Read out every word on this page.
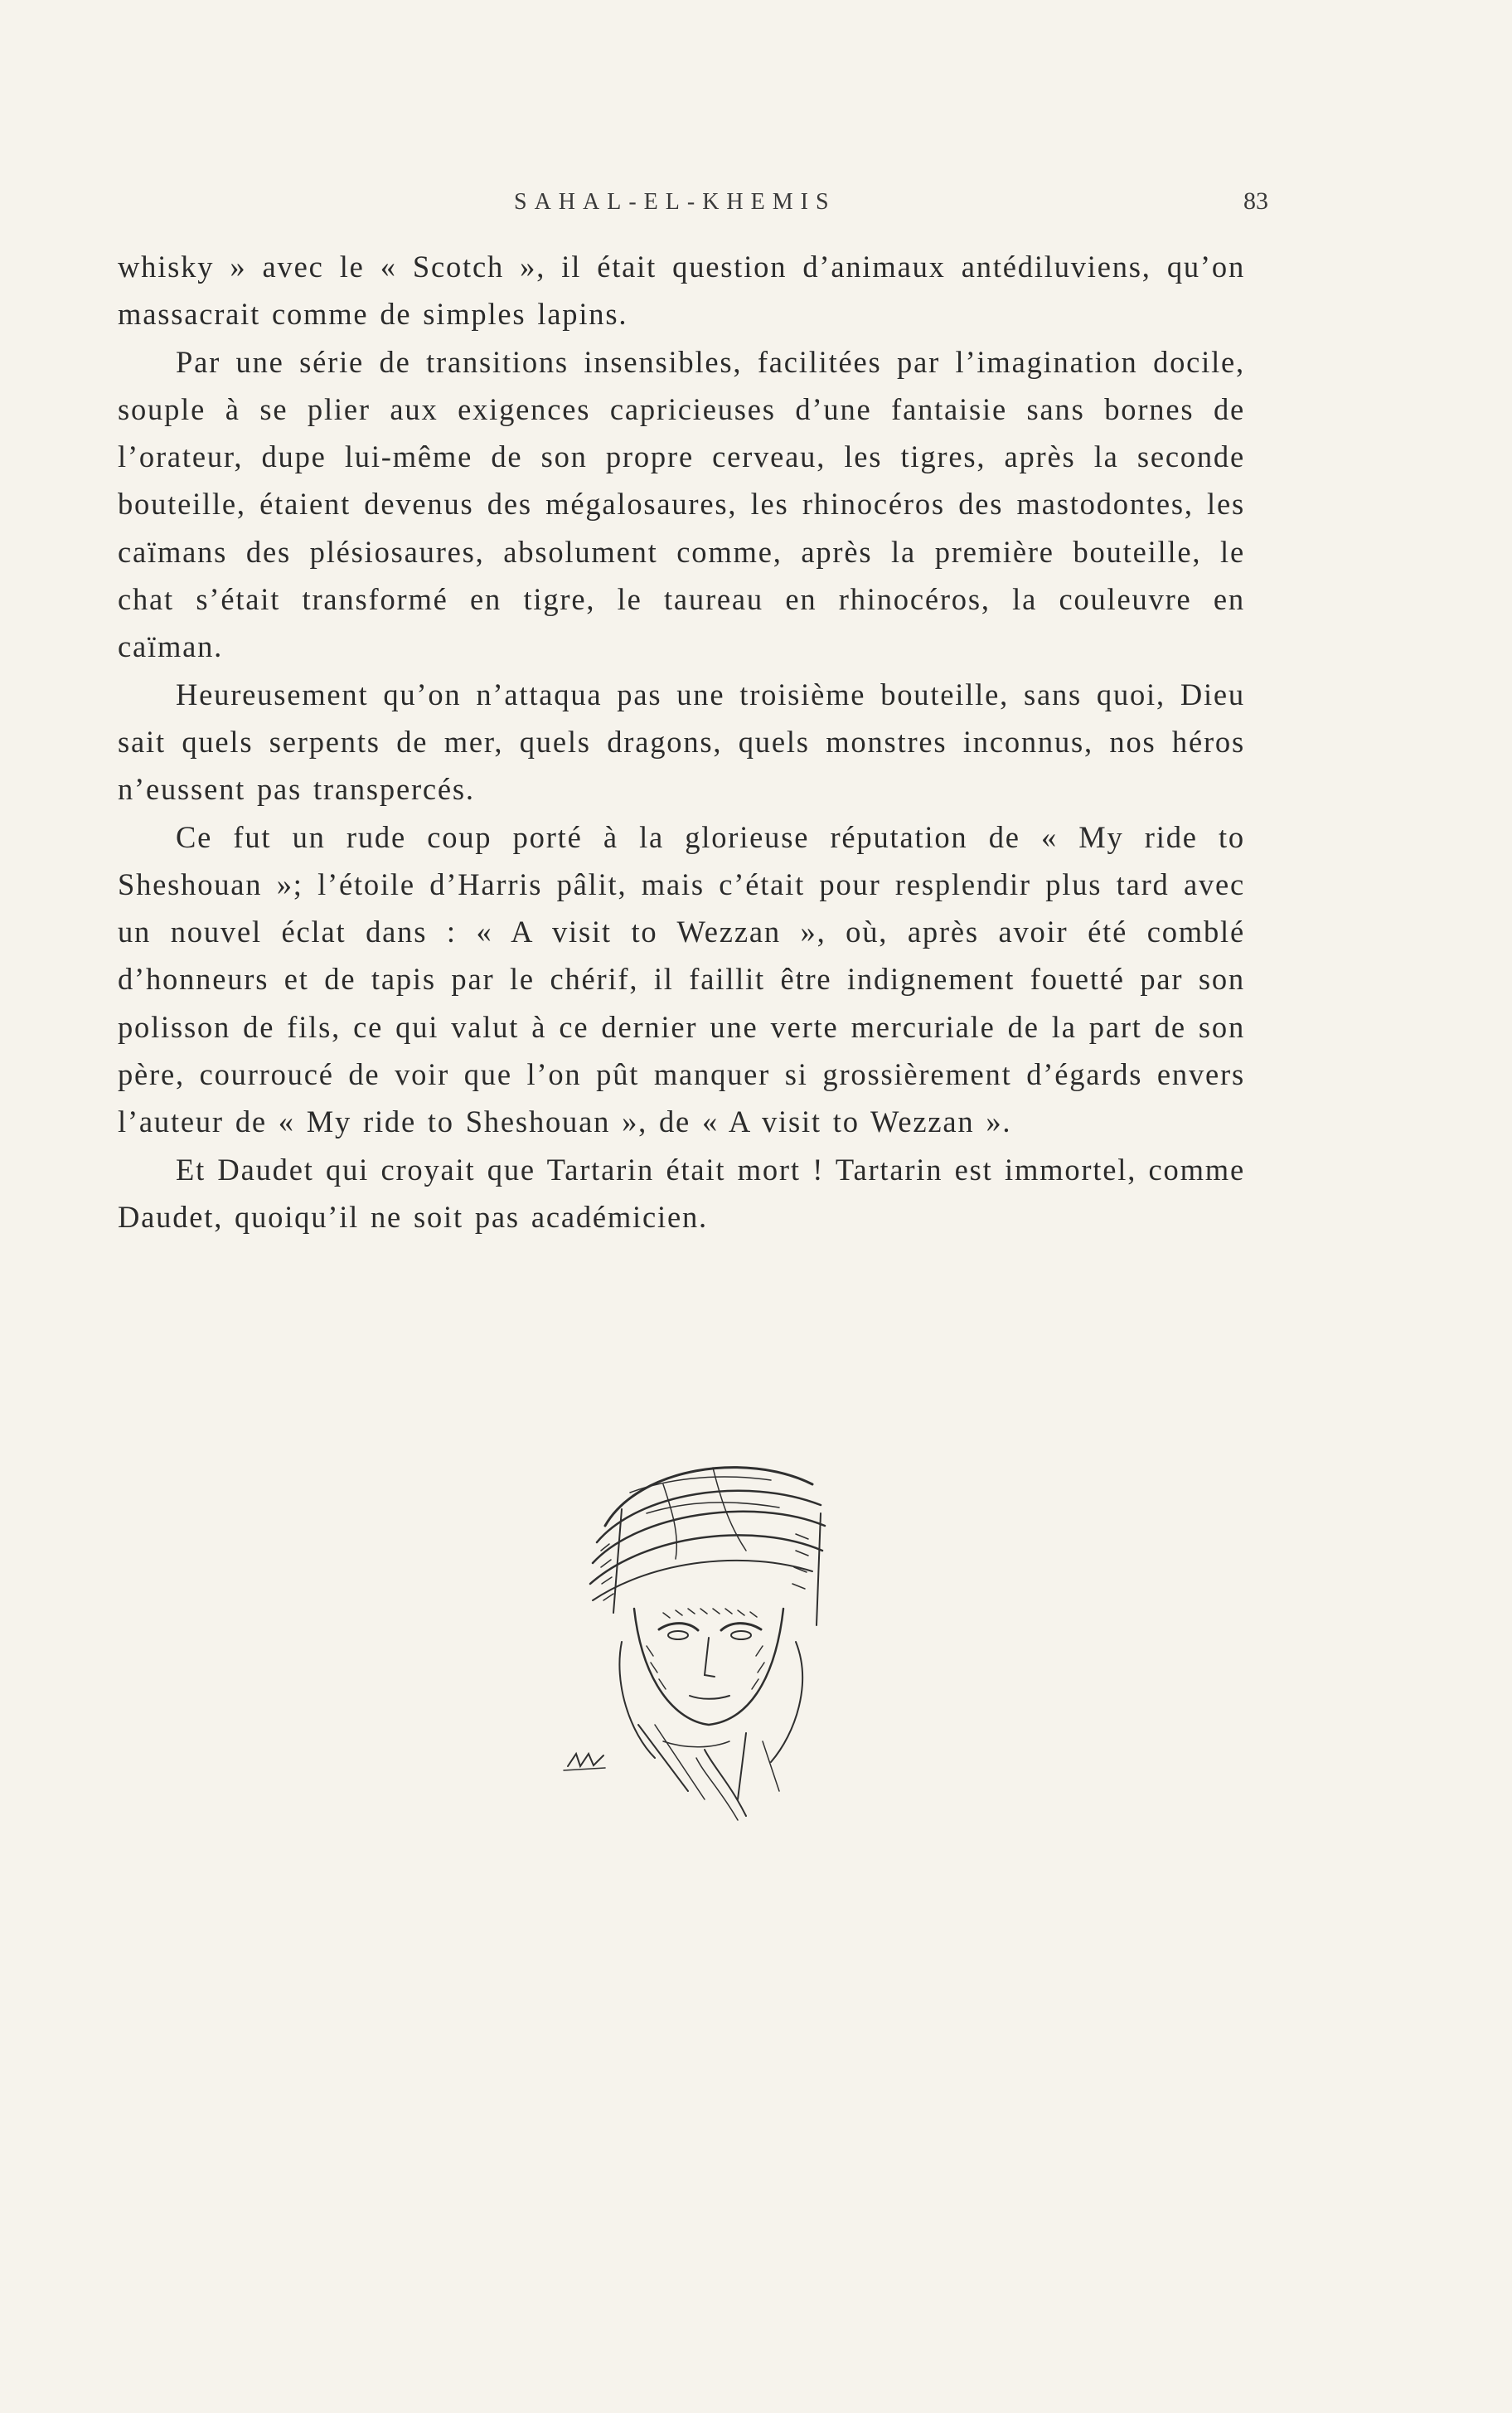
SAHAL-EL-KHEMIS	83

whisky » avec le « Scotch », il était question d’animaux antédiluviens, qu’on massacrait comme de simples lapins.

Par une série de transitions insensibles, facilitées par l’imagination docile, souple à se plier aux exigences capricieuses d’une fantaisie sans bornes de l’orateur, dupe lui-même de son propre cerveau, les tigres, après la seconde bouteille, étaient devenus des mégalosaures, les rhinocéros des mastodontes, les caïmans des plésiosaures, absolument comme, après la première bouteille, le chat s’était transformé en tigre, le taureau en rhinocéros, la couleuvre en caïman.

Heureusement qu’on n’attaqua pas une troisième bouteille, sans quoi, Dieu sait quels serpents de mer, quels dragons, quels monstres inconnus, nos héros n’eussent pas transpercés.

Ce fut un rude coup porté à la glorieuse réputation de « My ride to Sheshouan »; l’étoile d’Harris pâlit, mais c’était pour resplendir plus tard avec un nouvel éclat dans : « A visit to Wezzan », où, après avoir été comblé d’honneurs et de tapis par le chérif, il faillit être indignement fouetté par son polisson de fils, ce qui valut à ce dernier une verte mercuriale de la part de son père, courroucé de voir que l’on pût manquer si grossièrement d’égards envers l’auteur de « My ride to Sheshouan », de « A visit to Wezzan ».

Et Daudet qui croyait que Tartarin était mort ! Tartarin est immortel, comme Daudet, quoiqu’il ne soit pas académicien.
